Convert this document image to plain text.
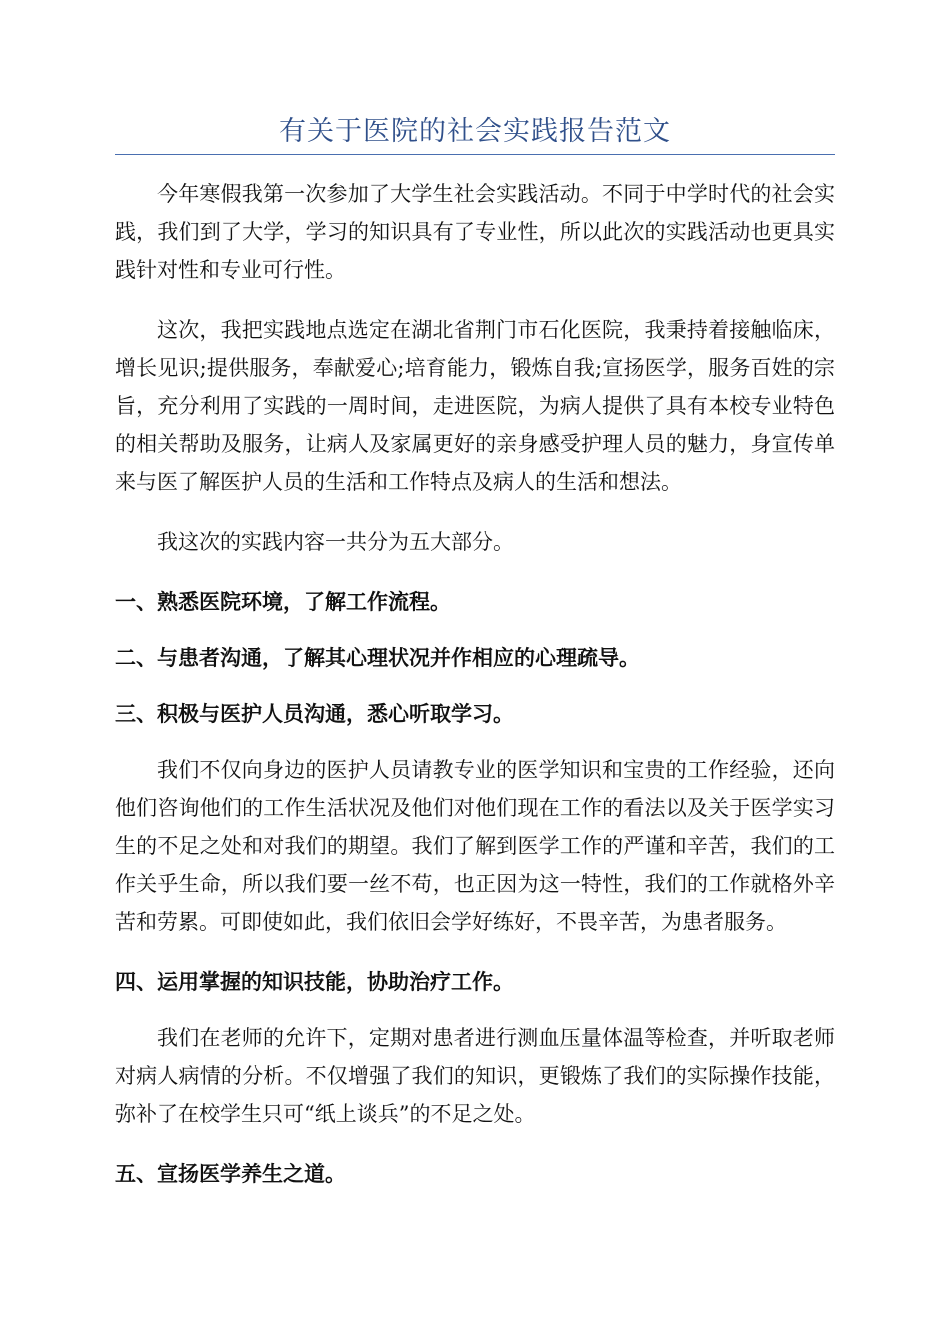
有关于医院的社会实践报告范文

今年寒假我第一次参加了大学生社会实践活动。不同于中学时代的社会实践，我们到了大学，学习的知识具有了专业性，所以此次的实践活动也更具实践针对性和专业可行性。

这次，我把实践地点选定在湖北省荆门市石化医院，我秉持着接触临床，增长见识;提供服务，奉献爱心;培育能力，锻炼自我;宣扬医学，服务百姓的宗旨，充分利用了实践的一周时间，走进医院，为病人提供了具有本校专业特色的相关帮助及服务，让病人及家属更好的亲身感受护理人员的魅力，身宣传单来与医了解医护人员的生活和工作特点及病人的生活和想法。

我这次的实践内容一共分为五大部分。

一、熟悉医院环境，了解工作流程。

二、与患者沟通，了解其心理状况并作相应的心理疏导。

三、积极与医护人员沟通，悉心听取学习。

我们不仅向身边的医护人员请教专业的医学知识和宝贵的工作经验，还向他们咨询他们的工作生活状况及他们对他们现在工作的看法以及关于医学实习生的不足之处和对我们的期望。我们了解到医学工作的严谨和辛苦，我们的工作关乎生命，所以我们要一丝不苟，也正因为这一特性，我们的工作就格外辛苦和劳累。可即使如此，我们依旧会学好练好，不畏辛苦，为患者服务。

四、运用掌握的知识技能，协助治疗工作。

我们在老师的允许下，定期对患者进行测血压量体温等检查，并听取老师对病人病情的分析。不仅增强了我们的知识，更锻炼了我们的实际操作技能，弥补了在校学生只可“纸上谈兵”的不足之处。

五、宣扬医学养生之道。
